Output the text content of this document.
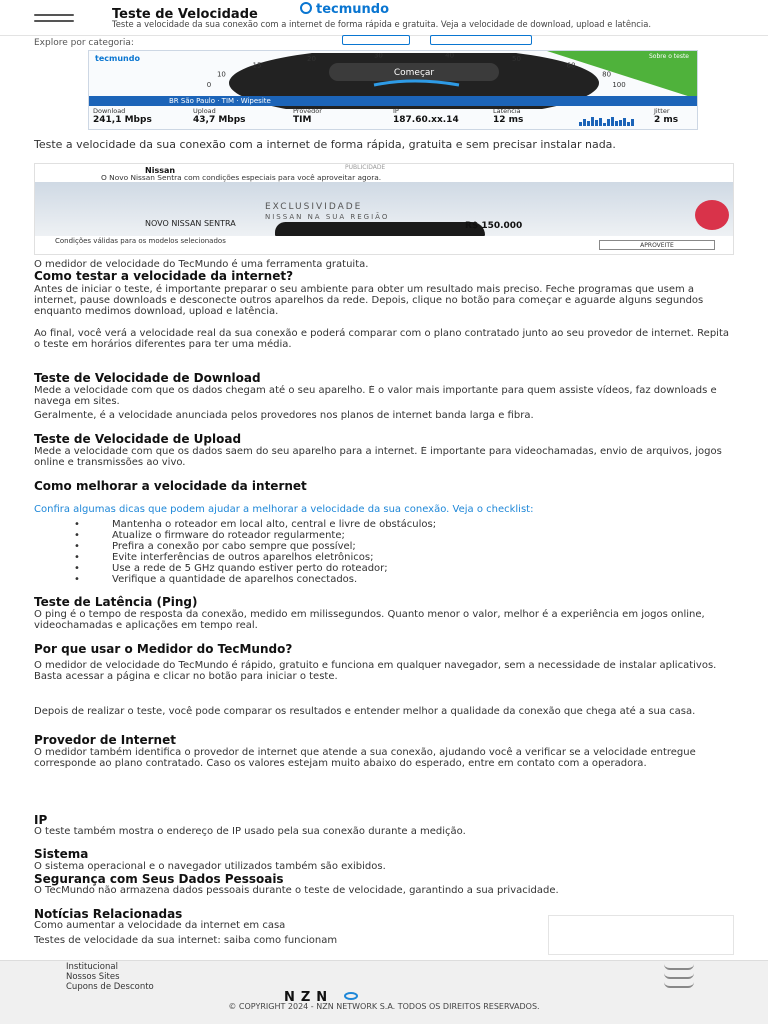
Teste de Velocidade	tecmundo
Teste a velocidade da sua conexão com a internet de forma rápida e gratuita. Veja a velocidade de download, upload e latência.
Explore por categoria:
tecmundo
Começar
0
10
15
20	30	40	50
60
80
100
Sobre o teste
BR São Paulo · TIM · Wipesite
Download
241,1 Mbps
Upload
43,7 Mbps
Provedor
TIM
IP
187.60.xx.14
Latência
12 ms
Jitter
2 ms
Teste a velocidade da sua conexão com a internet de forma rápida, gratuita e sem precisar instalar nada.
PUBLICIDADE
Nissan
O Novo Nissan Sentra com condições especiais para você aproveitar agora.
EXCLUSIVIDADE
NISSAN NA SUA REGIÃO
NOVO NISSAN SENTRA	R$ 150.000
Condições válidas para os modelos selecionados
APROVEITE
O medidor de velocidade do TecMundo é uma ferramenta gratuita.
Como testar a velocidade da internet?
Antes de iniciar o teste, é importante preparar o seu ambiente para obter um resultado mais preciso. Feche programas que usem a internet, pause downloads e desconecte outros aparelhos da rede. Depois, clique no botão para começar e aguarde alguns segundos enquanto medimos download, upload e latência.
Ao final, você verá a velocidade real da sua conexão e poderá comparar com o plano contratado junto ao seu provedor de internet. Repita o teste em horários diferentes para ter uma média.
Teste de Velocidade de Download
Mede a velocidade com que os dados chegam até o seu aparelho. É o valor mais importante para quem assiste vídeos, faz downloads e navega em sites.
Geralmente, é a velocidade anunciada pelos provedores nos planos de internet banda larga e fibra.
Teste de Velocidade de Upload
Mede a velocidade com que os dados saem do seu aparelho para a internet. É importante para videochamadas, envio de arquivos, jogos online e transmissões ao vivo.
Como melhorar a velocidade da internet
Confira algumas dicas que podem ajudar a melhorar a velocidade da sua conexão. Veja o checklist:
• Mantenha o roteador em local alto, central e livre de obstáculos;
• Atualize o firmware do roteador regularmente;
• Prefira a conexão por cabo sempre que possível;
• Evite interferências de outros aparelhos eletrônicos;
• Use a rede de 5 GHz quando estiver perto do roteador;
• Verifique a quantidade de aparelhos conectados.
Teste de Latência (Ping)
O ping é o tempo de resposta da conexão, medido em milissegundos. Quanto menor o valor, melhor é a experiência em jogos online, videochamadas e aplicações em tempo real.
Por que usar o Medidor do TecMundo?
O medidor de velocidade do TecMundo é rápido, gratuito e funciona em qualquer navegador, sem a necessidade de instalar aplicativos. Basta acessar a página e clicar no botão para iniciar o teste.
Depois de realizar o teste, você pode comparar os resultados e entender melhor a qualidade da conexão que chega até a sua casa.
Provedor de Internet
O medidor também identifica o provedor de internet que atende a sua conexão, ajudando você a verificar se a velocidade entregue corresponde ao plano contratado. Caso os valores estejam muito abaixo do esperado, entre em contato com a operadora.
IP
O teste também mostra o endereço de IP usado pela sua conexão durante a medição.
Sistema
O sistema operacional e o navegador utilizados também são exibidos.
Segurança com Seus Dados Pessoais
O TecMundo não armazena dados pessoais durante o teste de velocidade, garantindo a sua privacidade.
Notícias Relacionadas
Como aumentar a velocidade da internet em casa
Testes de velocidade da sua internet: saiba como funcionam
Institucional
Nossos Sites
Cupons de Desconto
NZN
© COPYRIGHT 2024 - NZN NETWORK S.A. TODOS OS DIREITOS RESERVADOS.
